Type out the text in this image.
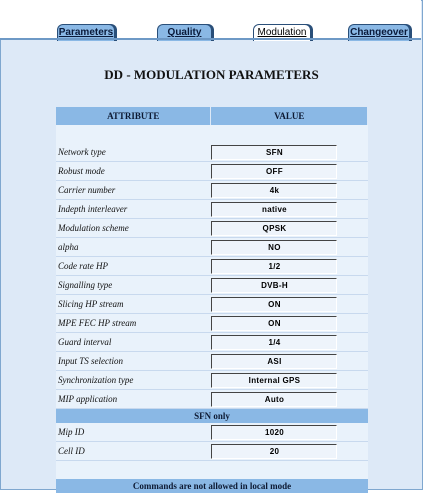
Parameters	Quality	Modulation	Changeover
DD - MODULATION PARAMETERS
ATTRIBUTE	VALUE

Network type	SFN

Robust mode	OFF

Carrier number	4k

Indepth interleaver	native

Modulation scheme	QPSK

alpha	NO

Code rate HP	1/2

Signalling type	DVB-H

Slicing HP stream	ON

MPE FEC HP stream	ON

Guard interval	1/4

Input TS selection	ASI

Synchronization type	Internal GPS

MIP application	Auto

SFN only	
Mip ID	1020

Cell ID	20

Commands are not allowed in local mode	
